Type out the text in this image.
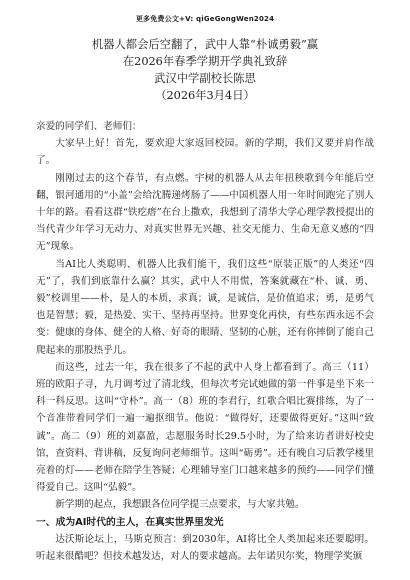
更多免费公文+V: qiGeGongWen2024

机器人都会后空翻了，武中人靠“朴诚勇毅”赢

在2026年春季学期开学典礼致辞

武汉中学副校长陈思

（2026年3月4日）

亲爱的同学们、老师们：

大家早上好！首先，要欢迎大家返回校园。新的学期，我们又要并肩作战了。

刚刚过去的这个春节，有点燃。宇树的机器人从去年扭秧歌到今年能后空翻，银河通用的“小盖”会给沈腾递烤肠了——中国机器人用一年时间跑完了别人十年的路。看看这群“铁疙瘩”在台上撒欢，我想到了清华大学心理学教授提出的当代青少年学习无动力、对真实世界无兴趣、社交无能力、生命无意义感的“四无”现象。

当AI比人类聪明、机器人比我们能干，我们这些“原装正版”的人类还“四无”了，我们到底靠什么赢？其实，武中人不用慌，答案就藏在“朴、诚、勇、毅”校训里——朴，是人的本质，求真；诚，是诚信，是价值追求；勇，是勇气也是智慧；毅，是热爱、实干、坚持再坚持。世界变化再快，有些东西永远不会变：健康的身体、健全的人格、好奇的眼睛、坚韧的心脏，还有你摔倒了能自己爬起来的那股热乎儿。

而这些，过去一年，我在很多了不起的武中人身上都看到了。高三（11）班的欧阳子寻，九月调考过了清北线，但每次考完试她做的第一件事是坐下来一科一科反思。这叫“守朴”。高一（8）班的李君行，红歌合唱比赛排练，为了一个音准带着同学们一遍一遍抠细节。他说：“做得好，还要做得更好。”这叫“致诚”。高二（9）班的刘嘉盈，志愿服务时长29.5小时，为了给来访者讲好校史馆，查资料、背讲稿，反复询问老师细节。这叫“砺勇”。还有晚自习后教学楼里亮着的灯——老师在陪学生答疑；心理辅导室门口越来越多的预约——同学们懂得爱自己。这叫“弘毅”。

新学期的起点，我想跟各位同学提三点要求，与大家共勉。

一、成为AI时代的主人，在真实世界里发光

达沃斯论坛上，马斯克预言：到2030年，AI将比全人类加起来还要聪明。听起来很酷吧？但技术越发达，对人的要求越高。去年诺贝尔奖，物理学奖颁
